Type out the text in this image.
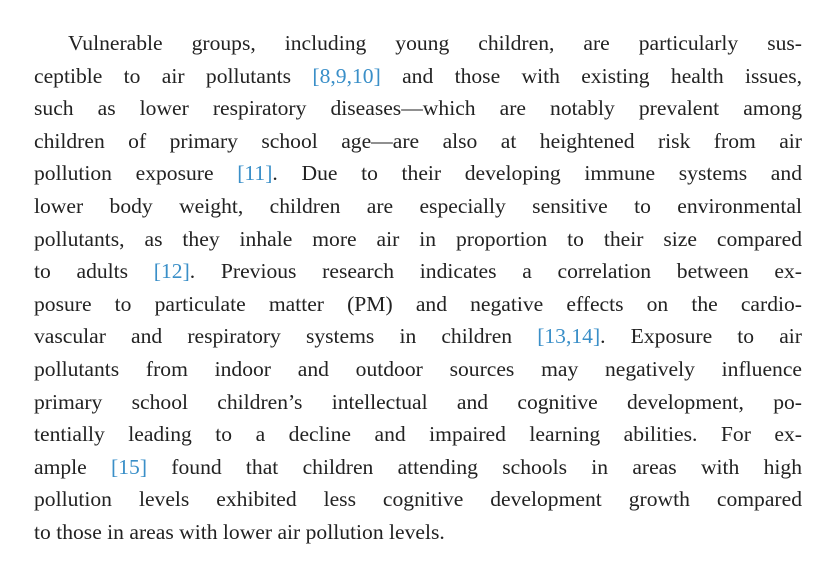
Vulnerable groups, including young children, are particularly sus-
ceptible to air pollutants [8,9,10] and those with existing health issues,
such as lower respiratory diseases—which are notably prevalent among
children of primary school age—are also at heightened risk from air
pollution exposure [11]. Due to their developing immune systems and
lower body weight, children are especially sensitive to environmental
pollutants, as they inhale more air in proportion to their size compared
to adults [12]. Previous research indicates a correlation between ex-
posure to particulate matter (PM) and negative effects on the cardio-
vascular and respiratory systems in children [13,14]. Exposure to air
pollutants from indoor and outdoor sources may negatively influence
primary school children’s intellectual and cognitive development, po-
tentially leading to a decline and impaired learning abilities. For ex-
ample [15] found that children attending schools in areas with high
pollution levels exhibited less cognitive development growth compared
to those in areas with lower air pollution levels.
